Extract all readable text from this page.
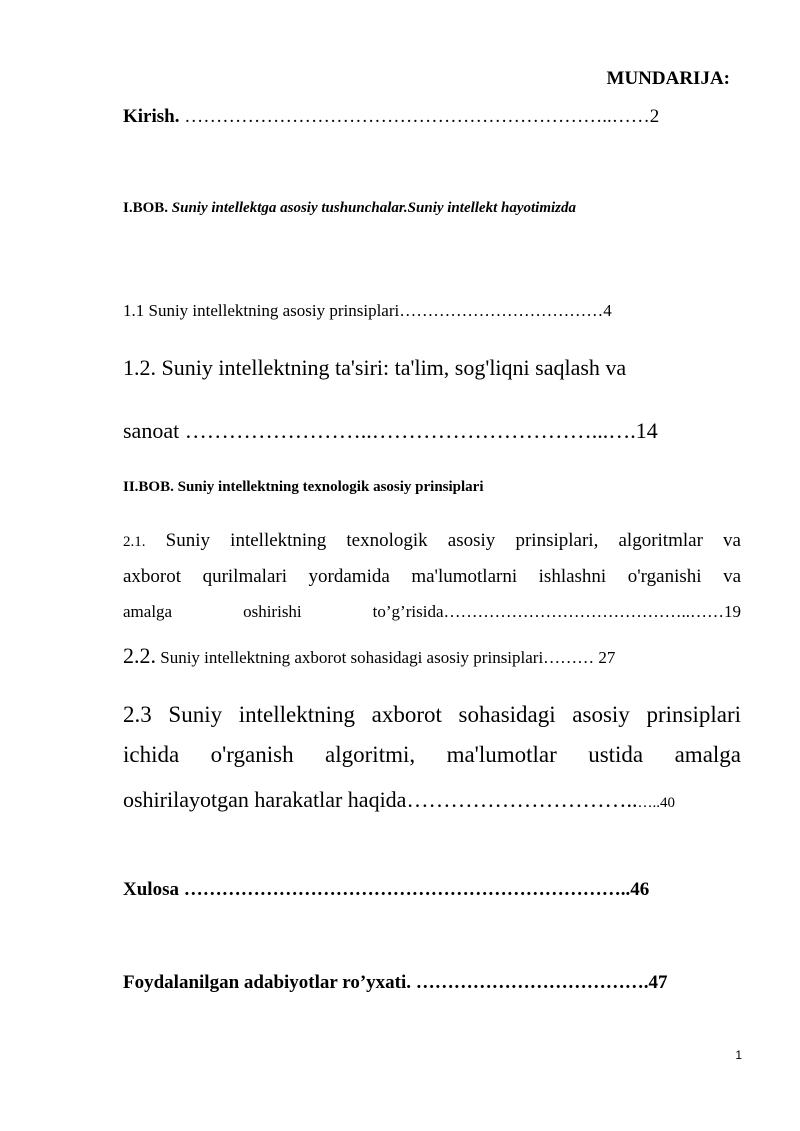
MUNDARIJA:
Kirish. …………………………………………………………..……2
I.BOB. Suniy intellektga asosiy tushunchalar.Suniy intellekt hayotimizda
1.1 Suniy intellektning asosiy prinsiplari………………………………4
1.2. Suniy intellektning ta'siri: ta'lim, sog'liqni saqlash va
sanoat ……………………..…………………………...….14
II.BOB. Suniy intellektning texnologik asosiy prinsiplari
2.1. Suniy intellektning texnologik asosiy prinsiplari, algoritmlar va
axborot qurilmalari yordamida ma'lumotlarni ishlashni o'rganishi va
amalga oshirishi to’g’risida……………………………………..……19
2.2. Suniy intellektning axborot sohasidagi asosiy prinsiplari……… 27
2.3 Suniy intellektning axborot sohasidagi asosiy prinsiplari
ichida o'rganish algoritmi, ma'lumotlar ustida amalga
oshirilayotgan harakatlar haqida…………………………..…..40
Xulosa ……………………………………………………………..46
Foydalanilgan adabiyotlar ro’yxati. ……………………………….47
1
